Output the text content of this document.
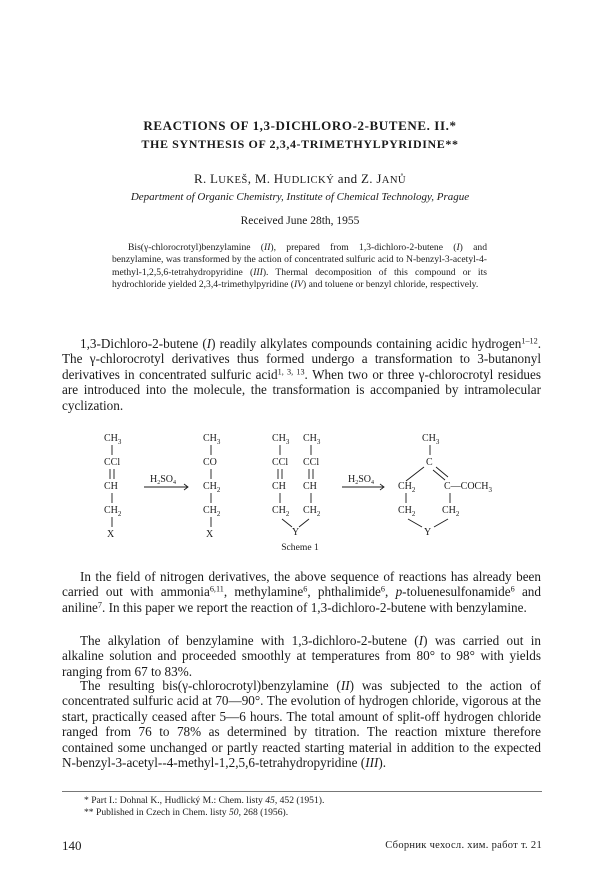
REACTIONS OF 1,3-DICHLORO-2-BUTENE. II.*
THE SYNTHESIS OF 2,3,4-TRIMETHYLPYRIDINE**
R. LUKEŠ, M. HUDLICKÝ and Z. JANŮ
Department of Organic Chemistry, Institute of Chemical Technology, Prague
Received June 28th, 1955
Bis(γ-chlorocrotyl)benzylamine (II), prepared from 1,3-dichloro-2-butene (I) and benzylamine, was transformed by the action of concentrated sulfuric acid to N-benzyl-3-acetyl-4-methyl-1,2,5,6-tetrahydropyridine (III). Thermal decomposition of this compound or its hydrochloride yielded 2,3,4-trimethylpyridine (IV) and toluene or benzyl chloride, respectively.
1,3-Dichloro-2-butene (I) readily alkylates compounds containing acidic hydrogen$^{1-12}$. The γ-chlorocrotyl derivatives thus formed undergo a transformation to 3-butanonyl derivatives in concentrated sulfuric acid$^{1, 3, 13}$. When two or three γ-chlorocrotyl residues are introduced into the molecule, the transformation is accompanied by intramolecular cyclization.
$CH_3$
CCl
CH
$CH_2$
X
$H_2SO_4$
$CH_3$
CO
$CH_2$
$CH_2$
X
$CH_3$ $CH_3$
CCl CCl
CH CH
$CH_2$ $CH_2$
Y
$H_2SO_4$
$CH_3$
C
$CH_2$	$C—COCH_3$
$CH_2$	$CH_2$
Y
Scheme 1
In the field of nitrogen derivatives, the above sequence of reactions has already been carried out with ammonia$^{6,11}$, methylamine$^6$, phthalimide$^6$, p-toluenesulfonamide$^6$ and aniline$^7$. In this paper we report the reaction of 1,3-dichloro-2-butene with benzylamine.
The alkylation of benzylamine with 1,3-dichloro-2-butene (I) was carried out in alkaline solution and proceeded smoothly at temperatures from 80° to 98° with yields ranging from 67 to 83%.
The resulting bis(γ-chlorocrotyl)benzylamine (II) was subjected to the action of concentrated sulfuric acid at 70—90°. The evolution of hydrogen chloride, vigorous at the start, practically ceased after 5—6 hours. The total amount of split-off hydrogen chloride ranged from 76 to 78% as determined by titration. The reaction mixture therefore contained some unchanged or partly reacted starting material in addition to the expected N-benzyl-3-acetyl--4-methyl-1,2,5,6-tetrahydropyridine (III).
* Part I.: Dohnal K., Hudlický M.: Chem. listy 45, 452 (1951).
** Published in Czech in Chem. listy 50, 268 (1956).
140	Сборник чехосл. хим. работ т. 21
